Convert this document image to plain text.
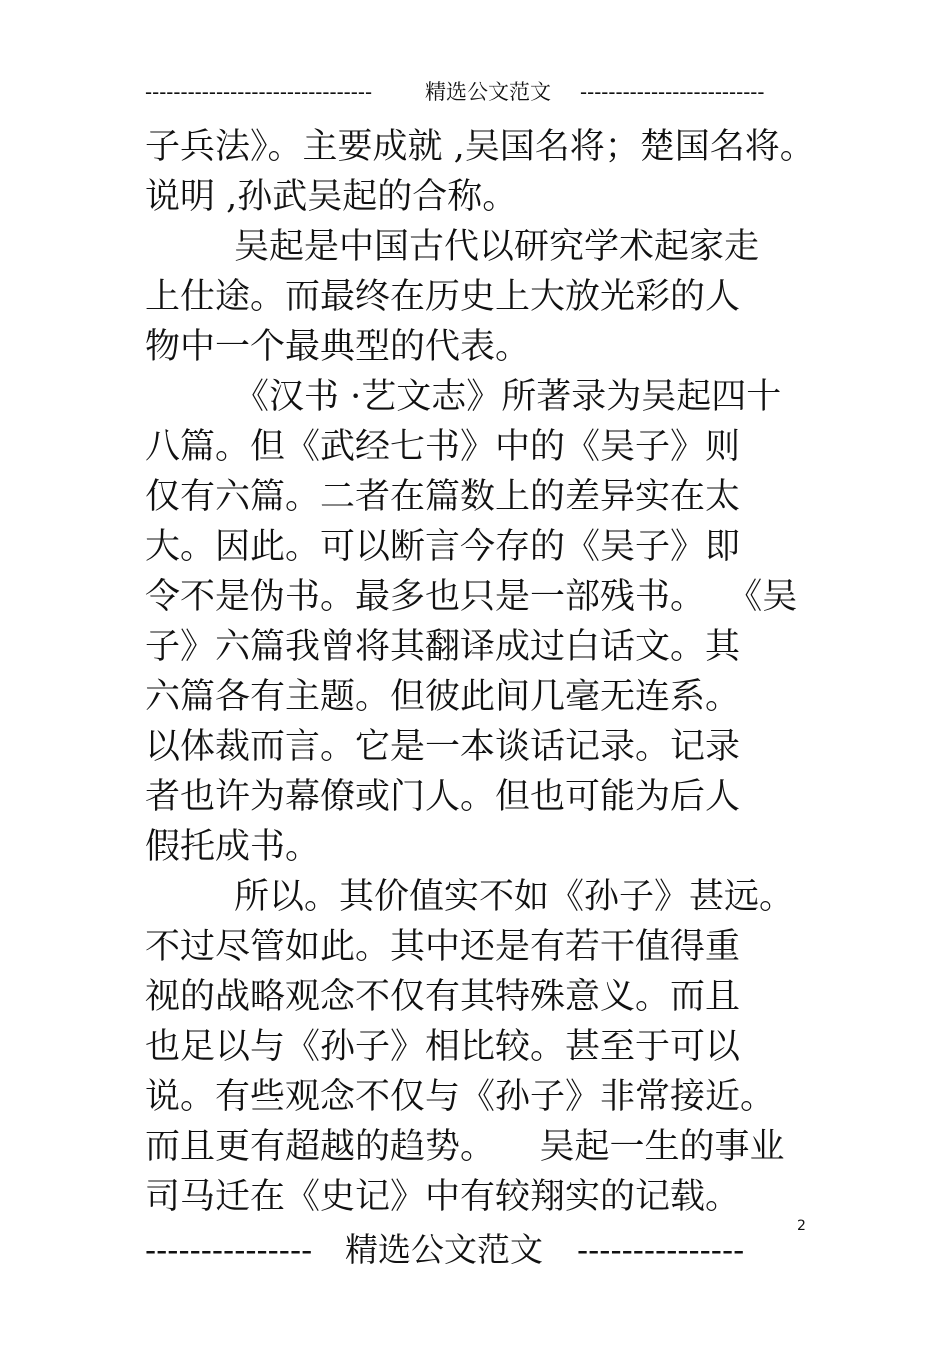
--------------------------------	精选公文范文 --------------------------
子兵法》。主要成就 ,吴国名将；楚国名将。
说明 ,孙武吴起的合称。
吴起是中国古代以研究学术起家走
上仕途。而最终在历史上大放光彩的人
物中一个最典型的代表。
《汉书 ·艺文志》所著录为吴起四十
八篇。但《武经七书》中的《吴子》则
仅有六篇。二者在篇数上的差异实在太
大。因此。可以断言今存的《吴子》即
令不是伪书。最多也只是一部残书。  《吴
子》六篇我曾将其翻译成过白话文。其
六篇各有主题。但彼此间几毫无连系。
以体裁而言。它是一本谈话记录。记录
者也许为幕僚或门人。但也可能为后人
假托成书。
所以。其价值实不如《孙子》甚远。
不过尽管如此。其中还是有若干值得重
视的战略观念不仅有其特殊意义。而且
也足以与《孙子》相比较。甚至于可以
说。有些观念不仅与《孙子》非常接近。
而且更有超越的趋势。    吴起一生的事业
司马迁在《史记》中有较翔实的记载。
2
--------------- 精选公文范文 ---------------
